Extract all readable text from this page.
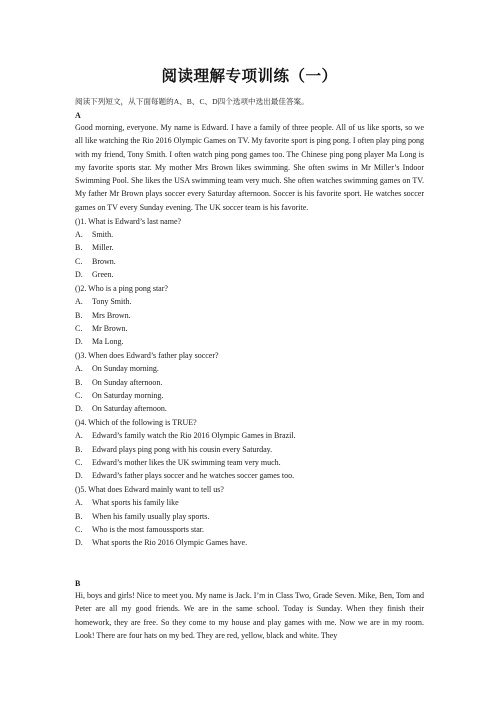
阅读理解专项训练（一）
阅读下列短文，从下面每题的A、B、C、D四个选项中选出最佳答案。
A
Good morning, everyone. My name is Edward. I have a family of three people. All of us like sports, so we all like watching the Rio 2016 Olympic Games on TV. My favorite sport is ping pong. I often play ping pong with my friend, Tony Smith. I often watch ping pong games too. The Chinese ping pong player Ma Long is my favorite sports star. My mother Mrs Brown likes swimming. She often swims in Mr Miller’s Indoor Swimming Pool. She likes the USA swimming team very much. She often watches swimming games on TV. My father Mr Brown plays soccer every Saturday afternoon. Soccer is his favorite sport. He watches soccer games on TV every Sunday evening. The UK soccer team is his favorite.
()1. What is Edward’s last name?
A.	Smith.
B.	Miller.
C.	Brown.
D.	Green.
()2. Who is a ping pong star?
A.	Tony Smith.
B.	Mrs Brown.
C.	Mr Brown.
D.	Ma Long.
()3. When does Edward’s father play soccer?
A.	On Sunday morning.
B.	On Sunday afternoon.
C.	On Saturday morning.
D.	On Saturday afternoon.
()4. Which of the following is TRUE?
A.	Edward’s family watch the Rio 2016 Olympic Games in Brazil.
B.	Edward plays ping pong with his cousin every Saturday.
C.	Edward’s mother likes the UK swimming team very much.
D.	Edward’s father plays soccer and he watches soccer games too.
()5. What does Edward mainly want to tell us?
A.	What sports his family like
B.	When his family usually play sports.
C.	Who is the most famoussports star.
D.	What sports the Rio 2016 Olympic Games have.
B
Hi, boys and girls! Nice to meet you. My name is Jack. I’m in Class Two, Grade Seven. Mike, Ben, Tom and Peter are all my good friends. We are in the same school. Today is Sunday. When they finish their homework, they are free. So they come to my house and play games with me. Now we are in my room. Look! There are four hats on my bed. They are red, yellow, black and white. They
